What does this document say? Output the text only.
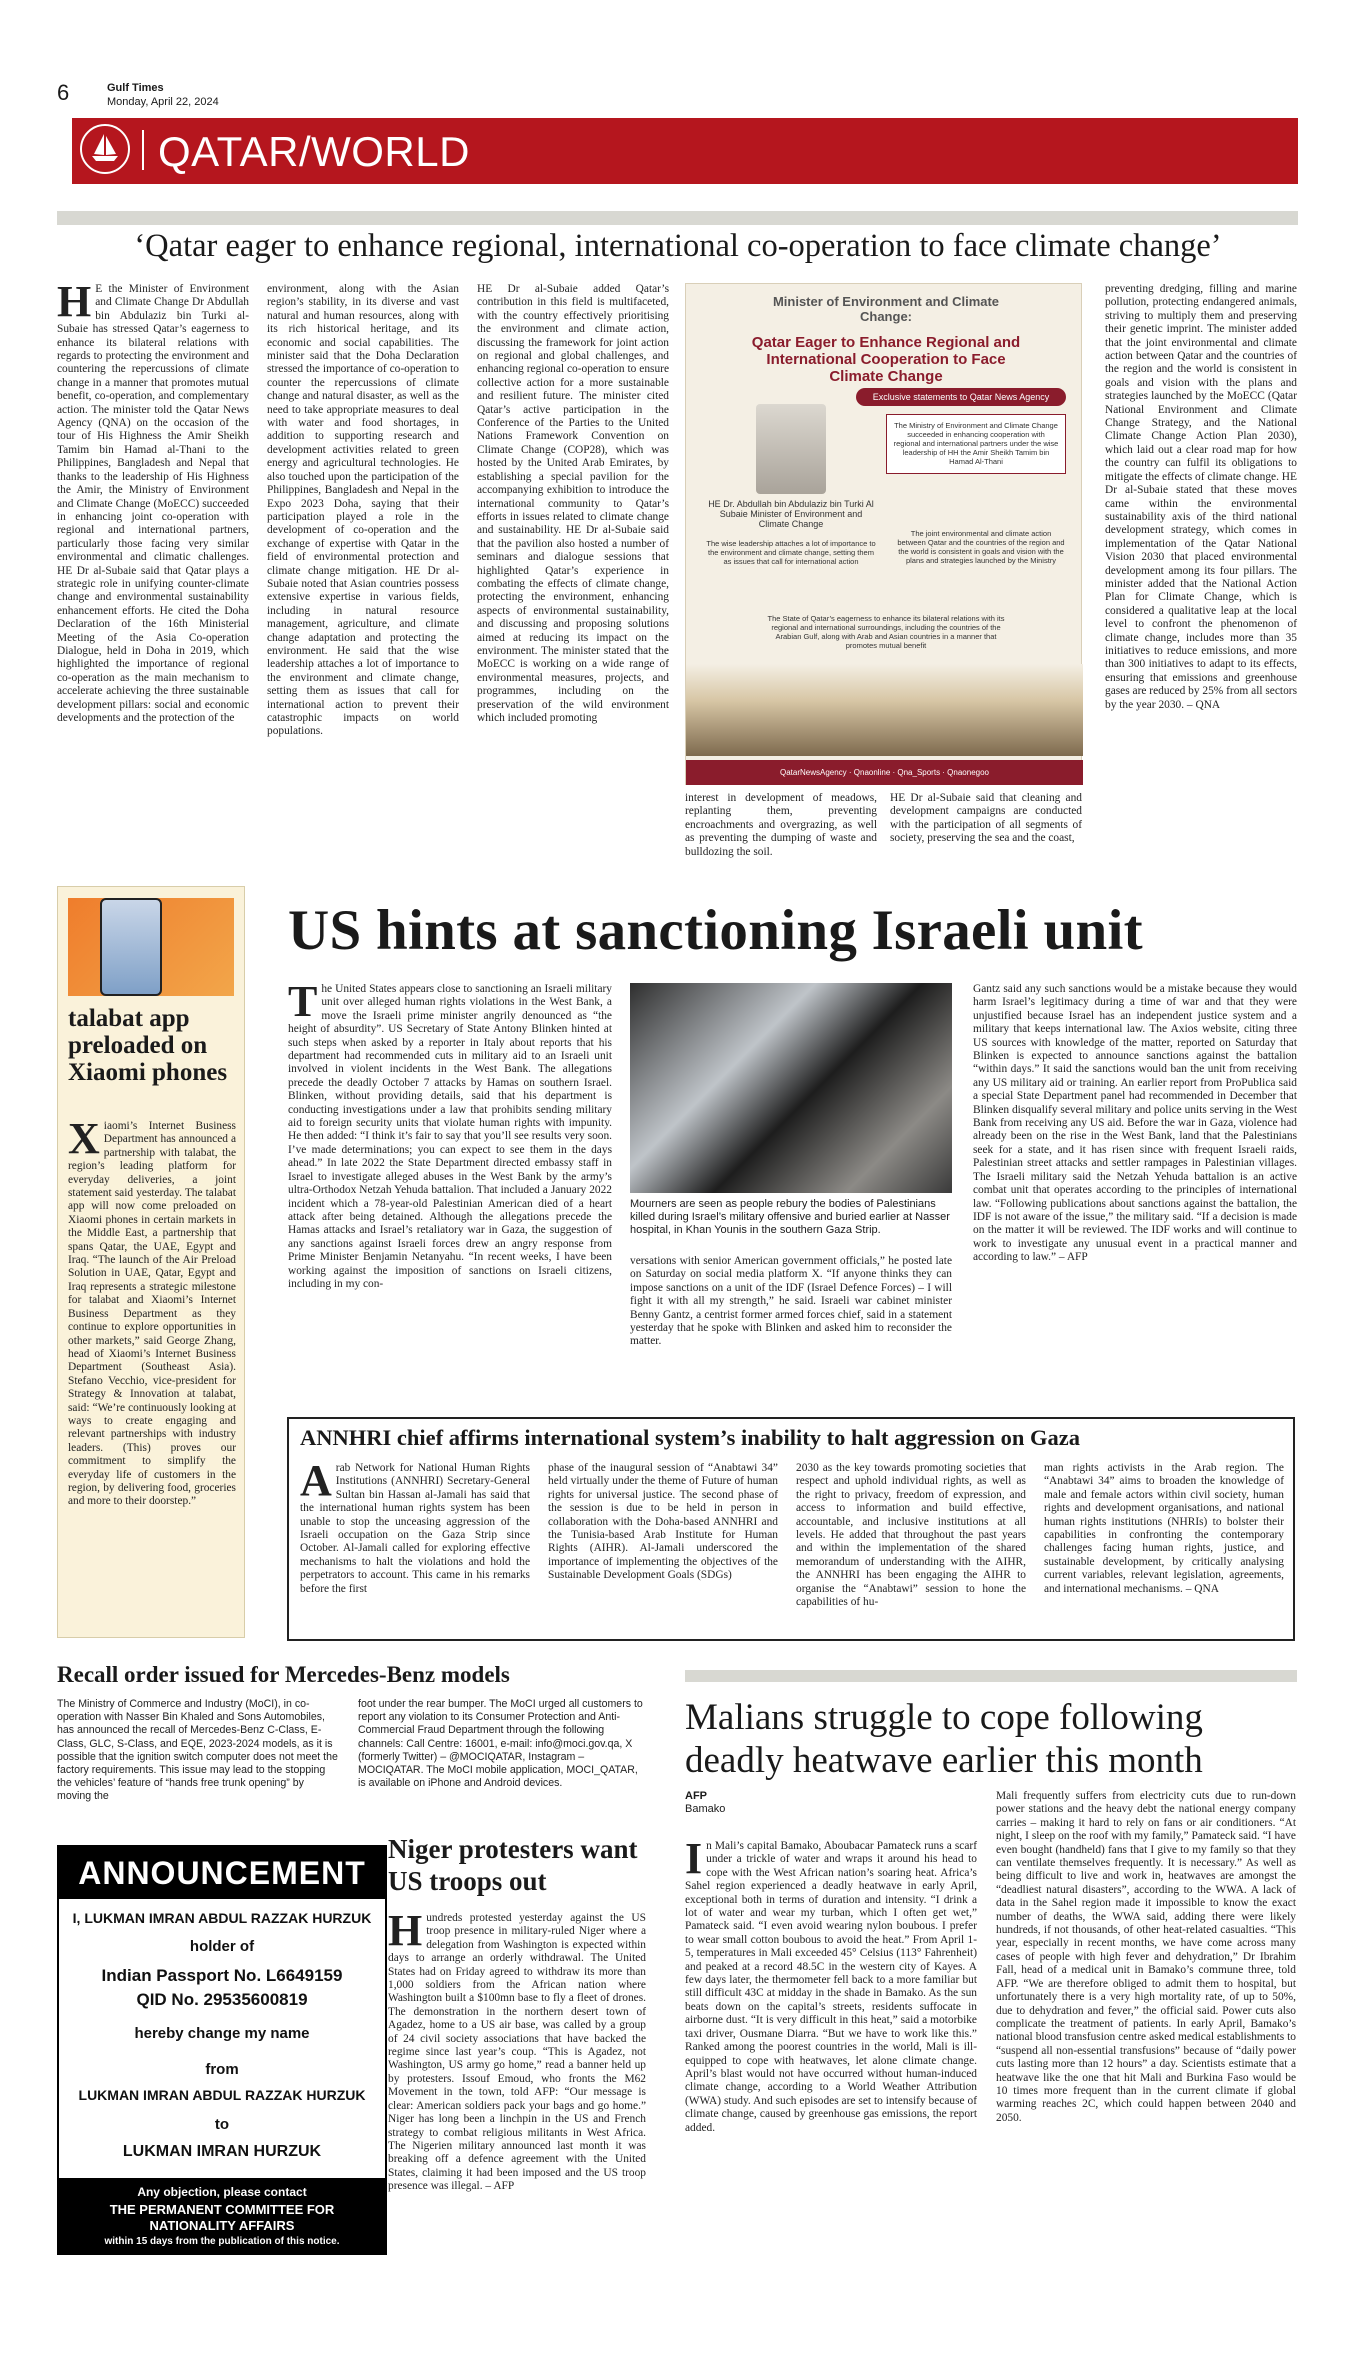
6	Gulf Times
Monday, April 22, 2024
QATAR/WORLD
‘Qatar eager to enhance regional, international co-operation to face climate change’
HE the Minister of Environment and Climate Change Dr Abdullah bin Abdulaziz bin Turki al-Subaie has stressed Qatar’s eagerness to enhance its bilateral relations with regards to protecting the environment and countering the repercussions of climate change in a manner that promotes mutual benefit, co-operation, and complementary action. The minister told the Qatar News Agency (QNA) on the occasion of the tour of His Highness the Amir Sheikh Tamim bin Hamad al-Thani to the Philippines, Bangladesh and Nepal that thanks to the leadership of His Highness the Amir, the Ministry of Environment and Climate Change (MoECC) succeeded in enhancing joint co-operation with regional and international partners, particularly those facing very similar environmental and climatic challenges. HE Dr al-Subaie said that Qatar plays a strategic role in unifying counter-climate change and environmental sustainability enhancement efforts. He cited the Doha Declaration of the 16th Ministerial Meeting of the Asia Co-operation Dialogue, held in Doha in 2019, which highlighted the importance of regional co-operation as the main mechanism to accelerate achieving the three sustainable development pillars: social and economic developments and the protection of the
environment, along with the Asian region’s stability, in its diverse and vast natural and human resources, along with its rich historical heritage, and its economic and social capabilities. The minister said that the Doha Declaration stressed the importance of co-operation to counter the repercussions of climate change and natural disaster, as well as the need to take appropriate measures to deal with water and food shortages, in addition to supporting research and development activities related to green energy and agricultural technologies. He also touched upon the participation of the Philippines, Bangladesh and Nepal in the Expo 2023 Doha, saying that their participation played a role in the development of co-operation and the exchange of expertise with Qatar in the field of environmental protection and climate change mitigation. HE Dr al-Subaie noted that Asian countries possess extensive expertise in various fields, including in natural resource management, agriculture, and climate change adaptation and protecting the environment. He said that the wise leadership attaches a lot of importance to the environment and climate change, setting them as issues that call for international action to prevent their catastrophic impacts on world populations.
HE Dr al-Subaie added Qatar’s contribution in this field is multifaceted, with the country effectively prioritising the environment and climate action, discussing the framework for joint action on regional and global challenges, and enhancing regional co-operation to ensure collective action for a more sustainable and resilient future. The minister cited Qatar’s active participation in the Conference of the Parties to the United Nations Framework Convention on Climate Change (COP28), which was hosted by the United Arab Emirates, by establishing a special pavilion for the accompanying exhibition to introduce the international community to Qatar’s efforts in issues related to climate change and sustainability. HE Dr al-Subaie said that the pavilion also hosted a number of seminars and dialogue sessions that highlighted Qatar’s experience in combating the effects of climate change, protecting the environment, enhancing aspects of environmental sustainability, and discussing and proposing solutions aimed at reducing its impact on the environment. The minister stated that the MoECC is working on a wide range of environmental measures, projects, and programmes, including on the preservation of the wild environment which included promoting
Minister of Environment and Climate Change:
Qatar Eager to Enhance Regional and International Cooperation to Face Climate Change
Exclusive statements to Qatar News Agency
HE Dr. Abdullah bin Abdulaziz bin Turki Al Subaie Minister of Environment and Climate Change
The Ministry of Environment and Climate Change succeeded in enhancing cooperation with regional and international partners under the wise leadership of HH the Amir Sheikh Tamim bin Hamad Al-Thani
The wise leadership attaches a lot of importance to the environment and climate change, setting them as issues that call for international action
The joint environmental and climate action between Qatar and the countries of the region and the world is consistent in goals and vision with the plans and strategies launched by the Ministry
The State of Qatar’s eagerness to enhance its bilateral relations with its regional and international surroundings, including the countries of the Arabian Gulf, along with Arab and Asian countries in a manner that promotes mutual benefit
QatarNewsAgency · Qnaonline · Qna_Sports · Qnaonegoo
interest in development of meadows, replanting them, preventing encroachments and overgrazing, as well as preventing the dumping of waste and bulldozing the soil.
HE Dr al-Subaie said that cleaning and development campaigns are conducted with the participation of all segments of society, preserving the sea and the coast,
preventing dredging, filling and marine pollution, protecting endangered animals, striving to multiply them and preserving their genetic imprint. The minister added that the joint environmental and climate action between Qatar and the countries of the region and the world is consistent in goals and vision with the plans and strategies launched by the MoECC (Qatar National Environment and Climate Change Strategy, and the National Climate Change Action Plan 2030), which laid out a clear road map for how the country can fulfil its obligations to mitigate the effects of climate change. HE Dr al-Subaie stated that these moves came within the environmental sustainability axis of the third national development strategy, which comes in implementation of the Qatar National Vision 2030 that placed environmental development among its four pillars. The minister added that the National Action Plan for Climate Change, which is considered a qualitative leap at the local level to confront the phenomenon of climate change, includes more than 35 initiatives to reduce emissions, and more than 300 initiatives to adapt to its effects, ensuring that emissions and greenhouse gases are reduced by 25% from all sectors by the year 2030. – QNA
talabat app preloaded on Xiaomi phones
Xiaomi’s Internet Business Department has announced a partnership with talabat, the region’s leading platform for everyday deliveries, a joint statement said yesterday. The talabat app will now come preloaded on Xiaomi phones in certain markets in the Middle East, a partnership that spans Qatar, the UAE, Egypt and Iraq. “The launch of the Air Preload Solution in UAE, Qatar, Egypt and Iraq represents a strategic milestone for talabat and Xiaomi’s Internet Business Department as they continue to explore opportunities in other markets,” said George Zhang, head of Xiaomi’s Internet Business Department (Southeast Asia). Stefano Vecchio, vice-president for Strategy & Innovation at talabat, said: “We’re continuously looking at ways to create engaging and relevant partnerships with industry leaders. (This) proves our commitment to simplify the everyday life of customers in the region, by delivering food, groceries and more to their doorstep.”
US hints at sanctioning Israeli unit
The United States appears close to sanctioning an Israeli military unit over alleged human rights violations in the West Bank, a move the Israeli prime minister angrily denounced as “the height of absurdity”. US Secretary of State Antony Blinken hinted at such steps when asked by a reporter in Italy about reports that his department had recommended cuts in military aid to an Israeli unit involved in violent incidents in the West Bank. The allegations precede the deadly October 7 attacks by Hamas on southern Israel. Blinken, without providing details, said that his department is conducting investigations under a law that prohibits sending military aid to foreign security units that violate human rights with impunity. He then added: “I think it’s fair to say that you’ll see results very soon. I’ve made determinations; you can expect to see them in the days ahead.” In late 2022 the State Department directed embassy staff in Israel to investigate alleged abuses in the West Bank by the army’s ultra-Orthodox Netzah Yehuda battalion. That included a January 2022 incident which a 78-year-old Palestinian American died of a heart attack after being detained. Although the allegations precede the Hamas attacks and Israel’s retaliatory war in Gaza, the suggestion of any sanctions against Israeli forces drew an angry response from Prime Minister Benjamin Netanyahu. “In recent weeks, I have been working against the imposition of sanctions on Israeli citizens, including in my con-
Mourners are seen as people rebury the bodies of Palestinians killed during Israel’s military offensive and buried earlier at Nasser hospital, in Khan Younis in the southern Gaza Strip.
versations with senior American government officials,” he posted late on Saturday on social media platform X. “If anyone thinks they can impose sanctions on a unit of the IDF (Israel Defence Forces) – I will fight it with all my strength,” he said. Israeli war cabinet minister Benny Gantz, a centrist former armed forces chief, said in a statement yesterday that he spoke with Blinken and asked him to reconsider the matter.
Gantz said any such sanctions would be a mistake because they would harm Israel’s legitimacy during a time of war and that they were unjustified because Israel has an independent justice system and a military that keeps international law. The Axios website, citing three US sources with knowledge of the matter, reported on Saturday that Blinken is expected to announce sanctions against the battalion “within days.” It said the sanctions would ban the unit from receiving any US military aid or training. An earlier report from ProPublica said a special State Department panel had recommended in December that Blinken disqualify several military and police units serving in the West Bank from receiving any US aid. Before the war in Gaza, violence had already been on the rise in the West Bank, land that the Palestinians seek for a state, and it has risen since with frequent Israeli raids, Palestinian street attacks and settler rampages in Palestinian villages. The Israeli military said the Netzah Yehuda battalion is an active combat unit that operates according to the principles of international law. “Following publications about sanctions against the battalion, the IDF is not aware of the issue,” the military said. “If a decision is made on the matter it will be reviewed. The IDF works and will continue to work to investigate any unusual event in a practical manner and according to law.” – AFP
ANNHRI chief affirms international system’s inability to halt aggression on Gaza
Arab Network for National Human Rights Institutions (ANNHRI) Secretary-General Sultan bin Hassan al-Jamali has said that the international human rights system has been unable to stop the unceasing aggression of the Israeli occupation on the Gaza Strip since October. Al-Jamali called for exploring effective mechanisms to halt the violations and hold the perpetrators to account. This came in his remarks before the first
phase of the inaugural session of “Anabtawi 34” held virtually under the theme of Future of human rights for universal justice. The second phase of the session is due to be held in person in collaboration with the Doha-based ANNHRI and the Tunisia-based Arab Institute for Human Rights (AIHR). Al-Jamali underscored the importance of implementing the objectives of the Sustainable Development Goals (SDGs)
2030 as the key towards promoting societies that respect and uphold individual rights, as well as the right to privacy, freedom of expression, and access to information and build effective, accountable, and inclusive institutions at all levels. He added that throughout the past years and within the implementation of the shared memorandum of understanding with the AIHR, the ANNHRI has been engaging the AIHR to organise the “Anabtawi” session to hone the capabilities of hu-
man rights activists in the Arab region. The “Anabtawi 34” aims to broaden the knowledge of male and female actors within civil society, human rights and development organisations, and national human rights institutions (NHRIs) to bolster their capabilities in confronting the contemporary challenges facing human rights, justice, and sustainable development, by critically analysing current variables, relevant legislation, agreements, and international mechanisms. – QNA
Recall order issued for Mercedes-Benz models
The Ministry of Commerce and Industry (MoCI), in co-operation with Nasser Bin Khaled and Sons Automobiles, has announced the recall of Mercedes-Benz C-Class, E-Class, GLC, S-Class, and EQE, 2023-2024 models, as it is possible that the ignition switch computer does not meet the factory requirements. This issue may lead to the stopping the vehicles’ feature of “hands free trunk opening” by moving the
foot under the rear bumper. The MoCI urged all customers to report any violation to its Consumer Protection and Anti-Commercial Fraud Department through the following channels: Call Centre: 16001, e-mail: info@moci.gov.qa, X (formerly Twitter) – @MOCIQATAR, Instagram – MOCIQATAR. The MoCI mobile application, MOCI_QATAR, is available on iPhone and Android devices.
ANNOUNCEMENT
I, LUKMAN IMRAN ABDUL RAZZAK HURZUK
holder of
Indian Passport No. L6649159
QID No. 29535600819
hereby change my name
from
LUKMAN IMRAN ABDUL RAZZAK HURZUK
to
LUKMAN IMRAN HURZUK
Any objection, please contact
THE PERMANENT COMMITTEE FOR NATIONALITY AFFAIRS
within 15 days from the publication of this notice.
Niger protesters want US troops out
Hundreds protested yesterday against the US troop presence in military-ruled Niger where a delegation from Washington is expected within days to arrange an orderly withdrawal. The United States had on Friday agreed to withdraw its more than 1,000 soldiers from the African nation where Washington built a $100mn base to fly a fleet of drones. The demonstration in the northern desert town of Agadez, home to a US air base, was called by a group of 24 civil society associations that have backed the regime since last year’s coup. “This is Agadez, not Washington, US army go home,” read a banner held up by protesters. Issouf Emoud, who fronts the M62 Movement in the town, told AFP: “Our message is clear: American soldiers pack your bags and go home.” Niger has long been a linchpin in the US and French strategy to combat religious militants in West Africa. The Nigerien military announced last month it was breaking off a defence agreement with the United States, claiming it had been imposed and the US troop presence was illegal. – AFP
Malians struggle to cope following deadly heatwave earlier this month
AFP
Bamako
In Mali’s capital Bamako, Aboubacar Pamateck runs a scarf under a trickle of water and wraps it around his head to cope with the West African nation’s soaring heat. Africa’s Sahel region experienced a deadly heatwave in early April, exceptional both in terms of duration and intensity. “I drink a lot of water and wear my turban, which I often get wet,” Pamateck said. “I even avoid wearing nylon boubous. I prefer to wear small cotton boubous to avoid the heat.” From April 1-5, temperatures in Mali exceeded 45° Celsius (113° Fahrenheit) and peaked at a record 48.5C in the western city of Kayes. A few days later, the thermometer fell back to a more familiar but still difficult 43C at midday in the shade in Bamako. As the sun beats down on the capital’s streets, residents suffocate in airborne dust. “It is very difficult in this heat,” said a motorbike taxi driver, Ousmane Diarra. “But we have to work like this.” Ranked among the poorest countries in the world, Mali is ill-equipped to cope with heatwaves, let alone climate change. April’s blast would not have occurred without human-induced climate change, according to a World Weather Attribution (WWA) study. And such episodes are set to intensify because of climate change, caused by greenhouse gas emissions, the report added.
Mali frequently suffers from electricity cuts due to run-down power stations and the heavy debt the national energy company carries – making it hard to rely on fans or air conditioners. “At night, I sleep on the roof with my family,” Pamateck said. “I have even bought (handheld) fans that I give to my family so that they can ventilate themselves frequently. It is necessary.” As well as being difficult to live and work in, heatwaves are amongst the “deadliest natural disasters”, according to the WWA. A lack of data in the Sahel region made it impossible to know the exact number of deaths, the WWA said, adding there were likely hundreds, if not thousands, of other heat-related casualties. “This year, especially in recent months, we have come across many cases of people with high fever and dehydration,” Dr Ibrahim Fall, head of a medical unit in Bamako’s commune three, told AFP. “We are therefore obliged to admit them to hospital, but unfortunately there is a very high mortality rate, of up to 50%, due to dehydration and fever,” the official said. Power cuts also complicate the treatment of patients. In early April, Bamako’s national blood transfusion centre asked medical establishments to “suspend all non-essential transfusions” because of “daily power cuts lasting more than 12 hours” a day. Scientists estimate that a heatwave like the one that hit Mali and Burkina Faso would be 10 times more frequent than in the current climate if global warming reaches 2C, which could happen between 2040 and 2050.
